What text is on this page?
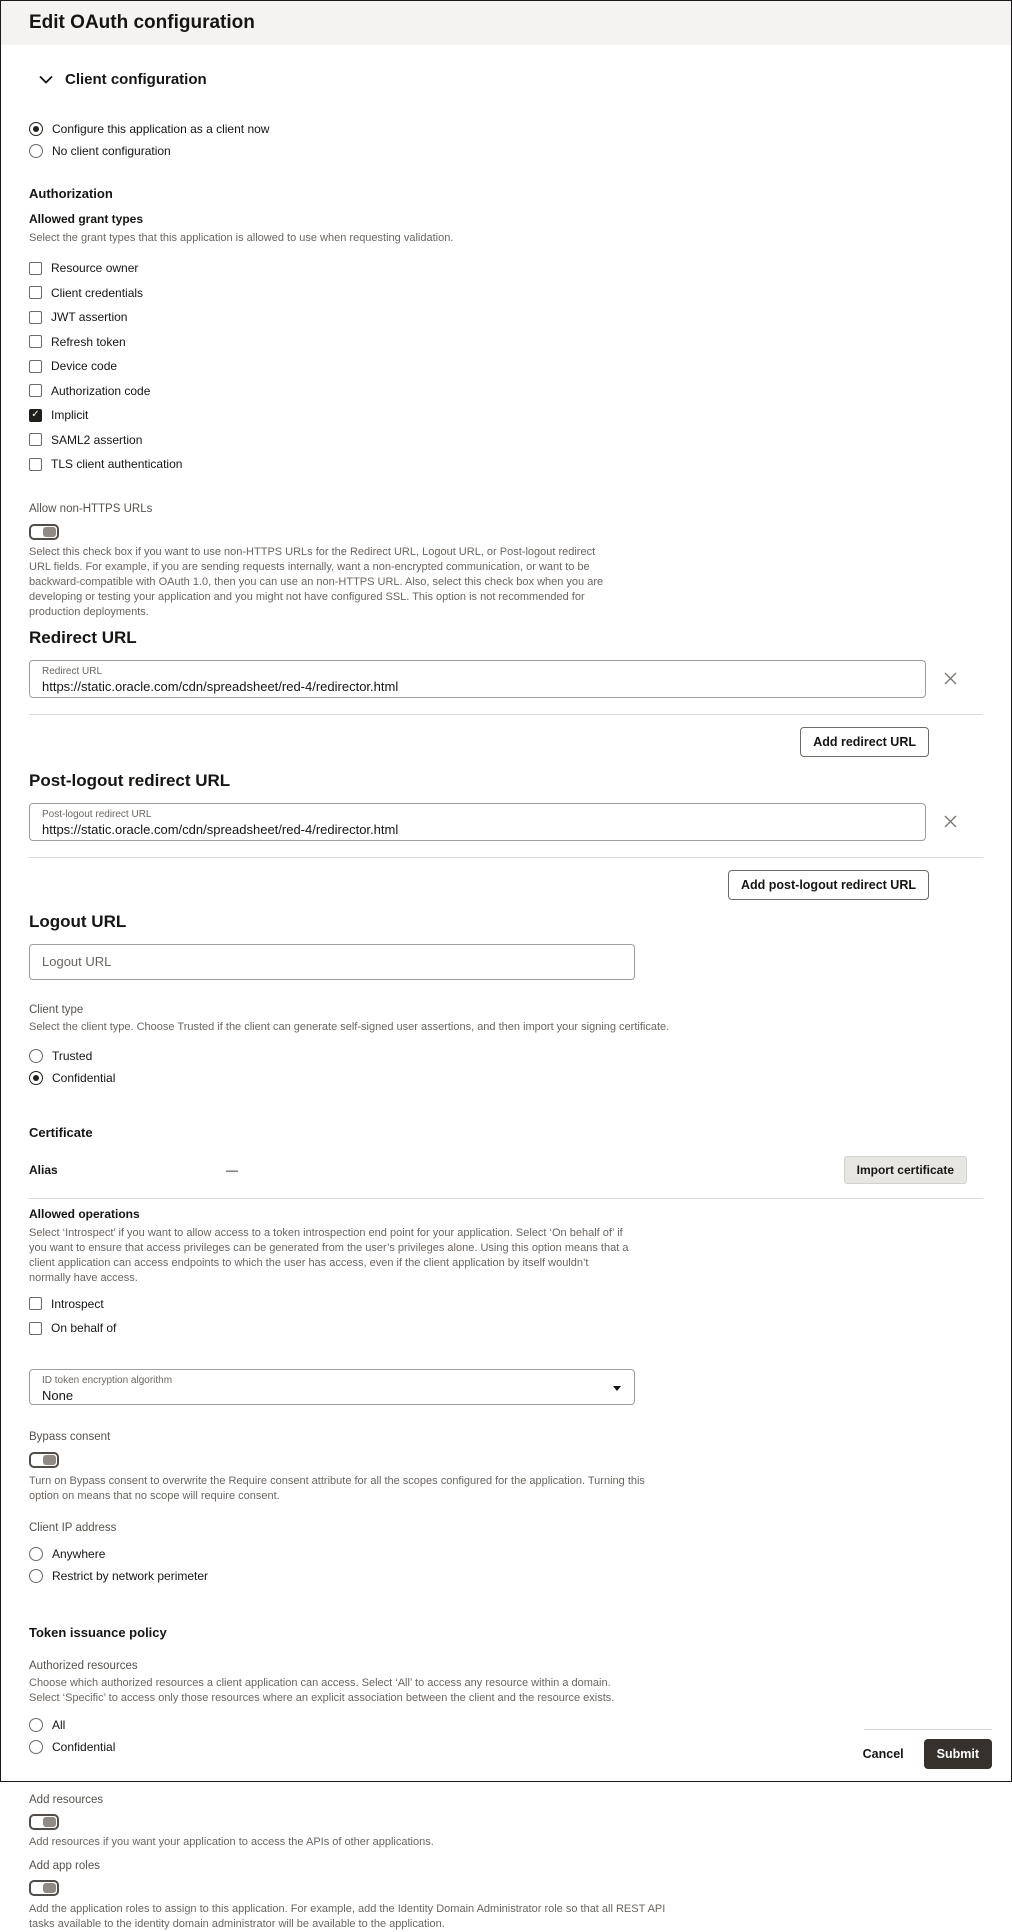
Edit OAuth configuration
Client configuration
Configure this application as a client now
No client configuration
Authorization
Allowed grant types
Select the grant types that this application is allowed to use when requesting validation.
Resource owner
Client credentials
JWT assertion
Refresh token
Device code
Authorization code
✓
Implicit
SAML2 assertion
TLS client authentication
Allow non-HTTPS URLs
Select this check box if you want to use non-HTTPS URLs for the Redirect URL, Logout URL, or Post-logout redirect URL fields. For example, if you are sending requests internally, want a non-encrypted communication, or want to be backward-compatible with OAuth 1.0, then you can use an non-HTTPS URL. Also, select this check box when you are developing or testing your application and you might not have configured SSL. This option is not recommended for production deployments.
Redirect URL
Redirect URL
https://static.oracle.com/cdn/spreadsheet/red-4/redirector.html
Add redirect URL
Post-logout redirect URL
Post-logout redirect URL
https://static.oracle.com/cdn/spreadsheet/red-4/redirector.html
Add post-logout redirect URL
Logout URL
Logout URL
Client type
Select the client type. Choose Trusted if the client can generate self-signed user assertions, and then import your signing certificate.
Trusted
Confidential
Certificate
Alias	—	Import certificate
Allowed operations
Select ‘Introspect’ if you want to allow access to a token introspection end point for your application. Select ‘On behalf of’ if you want to ensure that access privileges can be generated from the user’s privileges alone. Using this option means that a client application can access endpoints to which the user has access, even if the client application by itself wouldn’t normally have access.
Introspect
On behalf of
ID token encryption algorithm
None
Bypass consent
Turn on Bypass consent to overwrite the Require consent attribute for all the scopes configured for the application. Turning this option on means that no scope will require consent.
Client IP address
Anywhere
Restrict by network perimeter
Token issuance policy
Authorized resources
Choose which authorized resources a client application can access. Select ‘All’ to access any resource within a domain. Select ‘Specific’ to access only those resources where an explicit association between the client and the resource exists.
All
Confidential
Add resources
Add resources if you want your application to access the APIs of other applications.
Add app roles
Add the application roles to assign to this application. For example, add the Identity Domain Administrator role so that all REST API tasks available to the identity domain administrator will be available to the application.
Cancel	Submit
